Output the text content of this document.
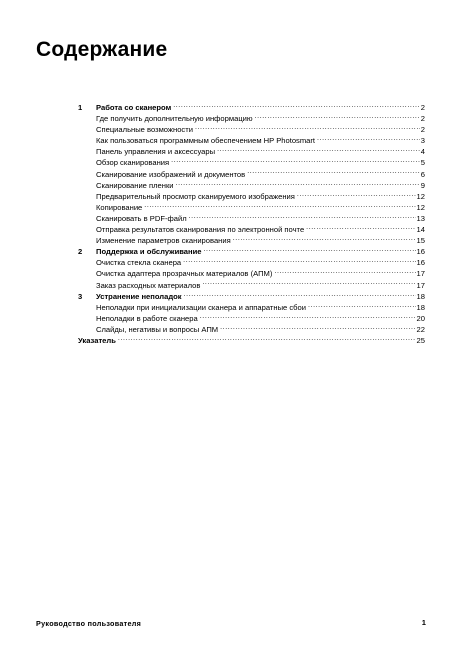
Содержание
1	Работа со сканером .....	2
Где получить дополнительную информацию .....	2
Специальные возможности .....	2
Как пользоваться программным обеспечением HP Photosmart .....	3
Панель управления и аксессуары .....	4
Обзор сканирования .....	5
Сканирование изображений и документов .....	6
Сканирование пленки .....	9
Предварительный просмотр сканируемого изображения .....	12
Копирование .....	12
Сканировать в PDF-файл .....	13
Отправка результатов сканирования по электронной почте .....	14
Изменение параметров сканирования .....	15
2	Поддержка и обслуживание .....	16
Очистка стекла сканера .....	16
Очистка адаптера прозрачных материалов (АПМ) .....	17
Заказ расходных материалов .....	17
3	Устранение неполадок .....	18
Неполадки при инициализации сканера и аппаратные сбои .....	18
Неполадки в работе сканера .....	20
Слайды, негативы и вопросы АПМ .....	22
Указатель .....	25
Руководство пользователя	1
